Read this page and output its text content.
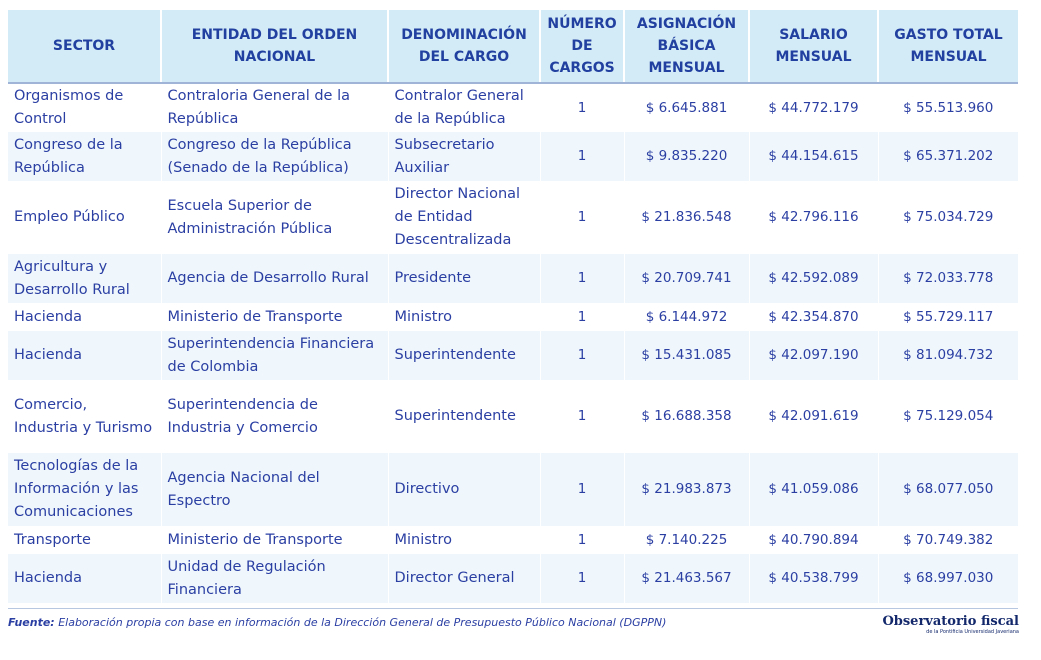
SECTOR	ENTIDAD DEL ORDEN NACIONAL	DENOMINACIÓN DEL CARGO	NÚMERO DE CARGOS	ASIGNACIÓN BÁSICA MENSUAL	SALARIO MENSUAL	GASTO TOTAL MENSUAL
Organismos de Control	Contraloria General de la República	Contralor General de la República	1	$ 6.645.881	$ 44.772.179	$ 55.513.960
Congreso de la República	Congreso de la República (Senado de la República)	Subsecretario Auxiliar	1	$ 9.835.220	$ 44.154.615	$ 65.371.202
Empleo Público	Escuela Superior de Administración Pública	Director Nacional de Entidad Descentralizada	1	$ 21.836.548	$ 42.796.116	$ 75.034.729
Agricultura y Desarrollo Rural	Agencia de Desarrollo Rural	Presidente	1	$ 20.709.741	$ 42.592.089	$ 72.033.778
Hacienda	Ministerio de Transporte	Ministro	1	$ 6.144.972	$ 42.354.870	$ 55.729.117
Hacienda	Superintendencia Financiera de Colombia	Superintendente	1	$ 15.431.085	$ 42.097.190	$ 81.094.732
Comercio, Industria y Turismo	Superintendencia de Industria y Comercio	Superintendente	1	$ 16.688.358	$ 42.091.619	$ 75.129.054
Tecnologías de la Información y las Comunicaciones	Agencia Nacional del Espectro	Directivo	1	$ 21.983.873	$ 41.059.086	$ 68.077.050
Transporte	Ministerio de Transporte	Ministro	1	$ 7.140.225	$ 40.790.894	$ 70.749.382
Hacienda	Unidad de Regulación Financiera	Director General	1	$ 21.463.567	$ 40.538.799	$ 68.997.030
Fuente: Elaboración propia con base en información de la Dirección General de Presupuesto Público Nacional (DGPPN)	Observatorio fiscal
de la Pontificia Universidad Javeriana
